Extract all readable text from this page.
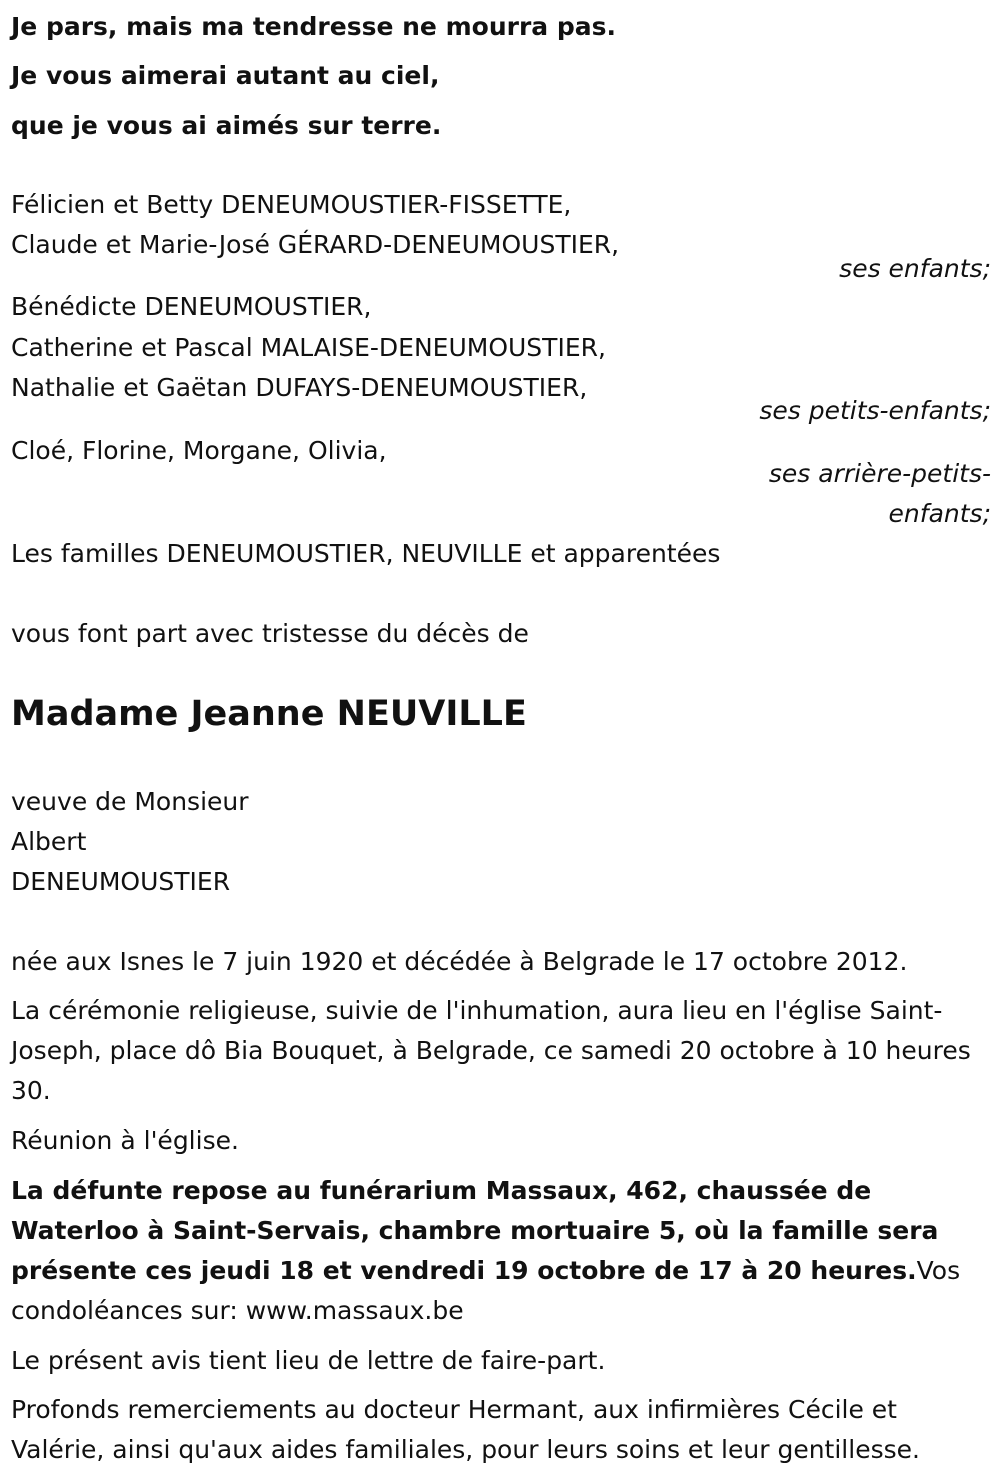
Je pars, mais ma tendresse ne mourra pas.
Je vous aimerai autant au ciel,
que je vous ai aimés sur terre.
Félicien et Betty DENEUMOUSTIER-FISSETTE,
Claude et Marie-José GÉRARD-DENEUMOUSTIER,
ses enfants;
Bénédicte DENEUMOUSTIER,
Catherine et Pascal MALAISE-DENEUMOUSTIER,
Nathalie et Gaëtan DUFAYS-DENEUMOUSTIER,
ses petits-enfants;
Cloé, Florine, Morgane, Olivia,
ses arrière-petits-
enfants;
Les familles DENEUMOUSTIER, NEUVILLE et apparentées
vous font part avec tristesse du décès de
Madame Jeanne NEUVILLE
veuve de Monsieur
Albert
DENEUMOUSTIER
née aux Isnes le 7 juin 1920 et décédée à Belgrade le 17 octobre 2012.
La cérémonie religieuse, suivie de l'inhumation, aura lieu en l'église Saint-Joseph, place dô Bia Bouquet, à Belgrade, ce samedi 20 octobre à 10 heures 30.
Réunion à l'église.
La défunte repose au funérarium Massaux, 462, chaussée de Waterloo à Saint-Servais, chambre mortuaire 5, où la famille sera présente ces jeudi 18 et vendredi 19 octobre de 17 à 20 heures.Vos condoléances sur: www.massaux.be
Le présent avis tient lieu de lettre de faire-part.
Profonds remerciements au docteur Hermant, aux infirmières Cécile et Valérie, ainsi qu'aux aides familiales, pour leurs soins et leur gentillesse.
